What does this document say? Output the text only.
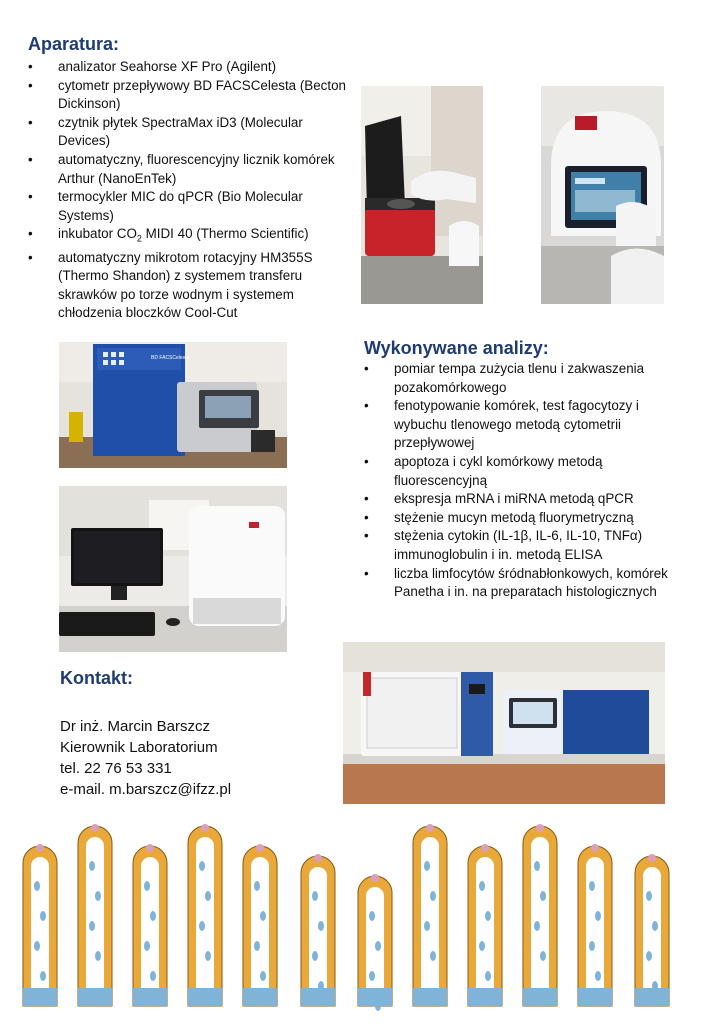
Aparatura:
• analizator Seahorse XF Pro (Agilent)
• cytometr przepływowy BD FACSCelesta (Becton Dickinson)
• czytnik płytek SpectraMax iD3 (Molecular Devices)
• automatyczny, fluorescencyjny licznik komórek Arthur (NanoEnTek)
• termocykler MIC do qPCR (Bio Molecular Systems)
• inkubator $CO_2$ MIDI 40 (Thermo Scientific)
• automatyczny mikrotom rotacyjny HM355S (Thermo Shandon) z systemem transferu skrawków po torze wodnym i systemem chłodzenia bloczków Cool-Cut
Wykonywane analizy:
• pomiar tempa zużycia tlenu i zakwaszenia pozakomórkowego
• fenotypowanie komórek, test fagocytozy i wybuchu tlenowego metodą cytometrii przepływowej
• apoptoza i cykl komórkowy metodą fluorescencyjną
• ekspresja mRNA i miRNA metodą qPCR
• stężenie mucyn metodą fluorymetryczną
• stężenia cytokin (IL-1β, IL-6, IL-10, TNFα) immunoglobulin i in. metodą ELISA
• liczba limfocytów śródnabłonkowych, komórek Panetha i in. na preparatach histologicznych
BD FACSCelesta
Kontakt:
Dr inż. Marcin Barszcz
Kierownik Laboratorium
tel. 22 76 53 331
e-mail. m.barszcz@ifzz.pl
